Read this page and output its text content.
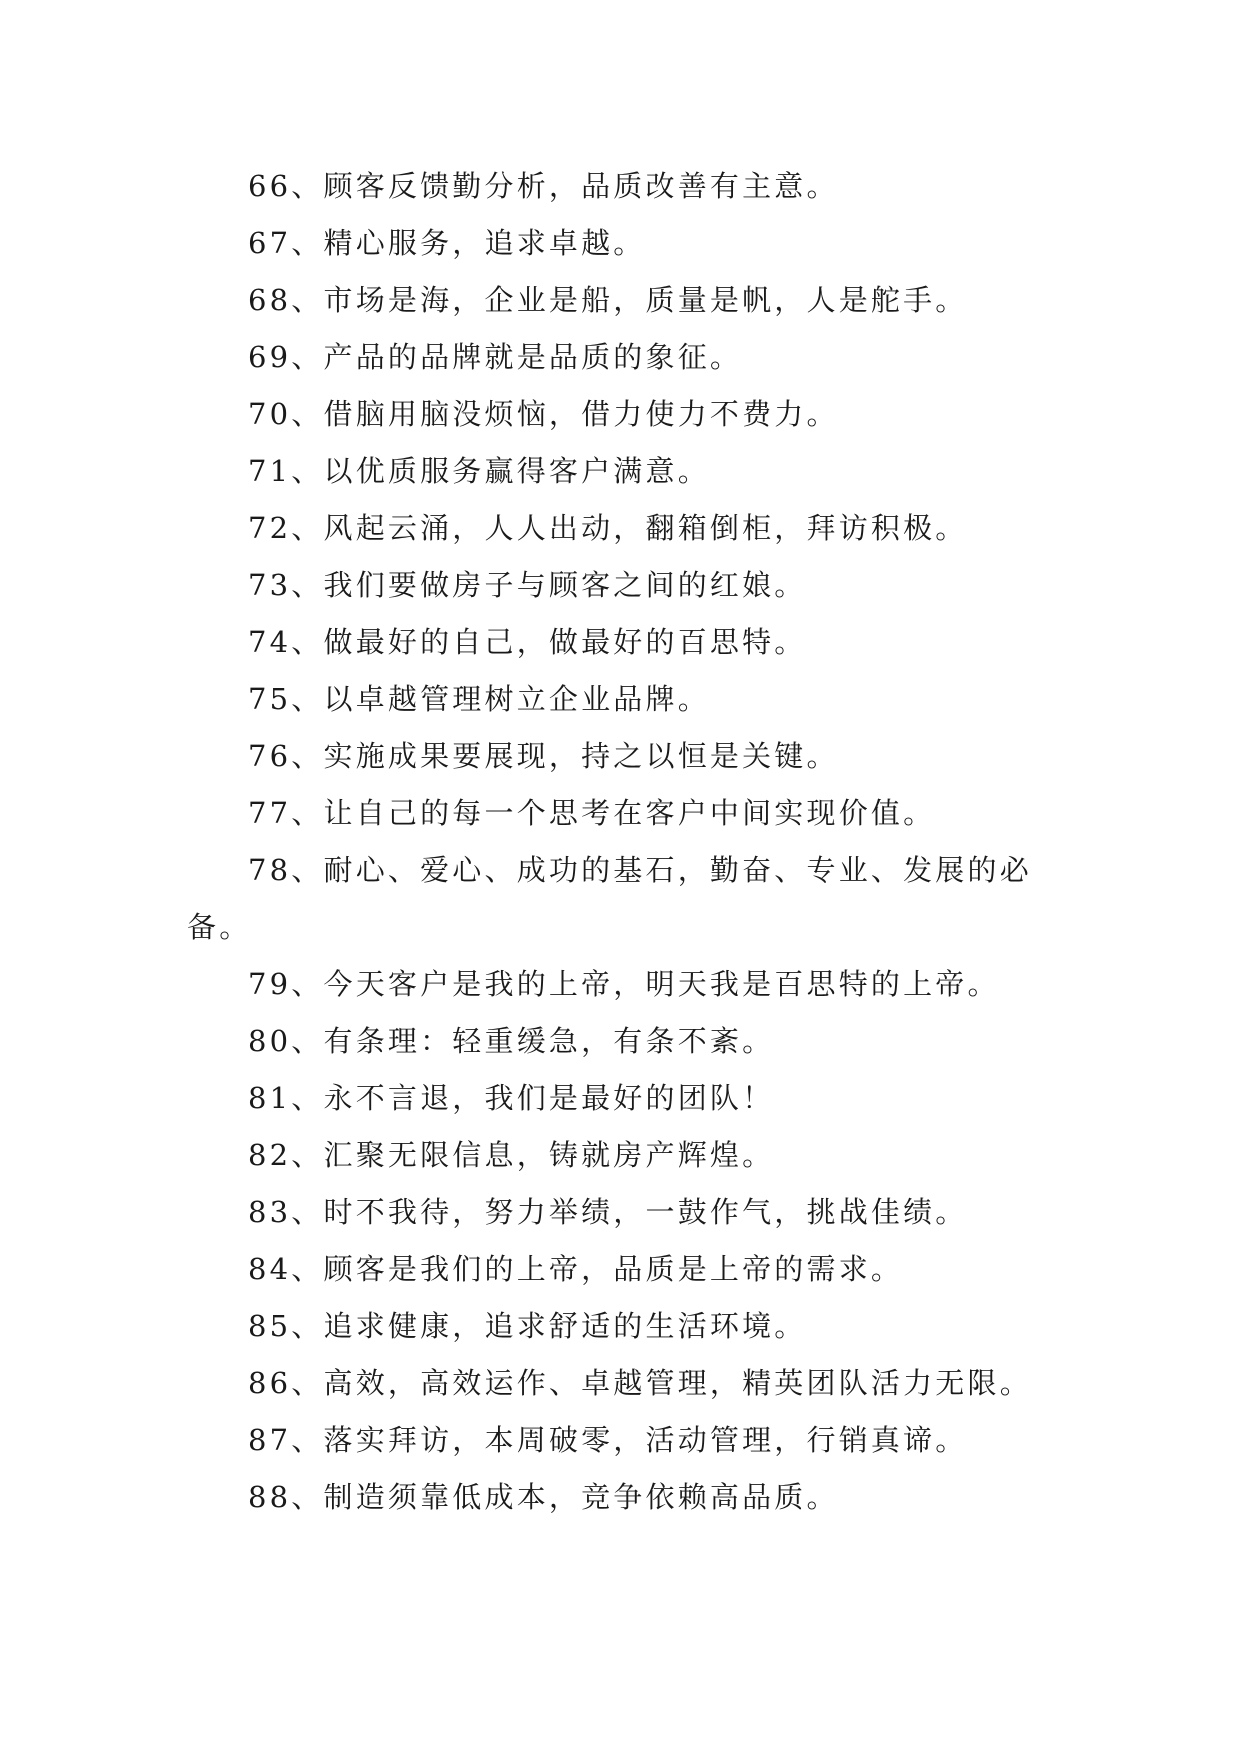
66、顾客反馈勤分析，品质改善有主意。

67、精心服务，追求卓越。

68、市场是海，企业是船，质量是帆，人是舵手。

69、产品的品牌就是品质的象征。

70、借脑用脑没烦恼，借力使力不费力。

71、以优质服务赢得客户满意。

72、风起云涌，人人出动，翻箱倒柜，拜访积极。

73、我们要做房子与顾客之间的红娘。

74、做最好的自己，做最好的百思特。

75、以卓越管理树立企业品牌。

76、实施成果要展现，持之以恒是关键。

77、让自己的每一个思考在客户中间实现价值。

78、耐心、爱心、成功的基石，勤奋、专业、发展的必备。

79、今天客户是我的上帝，明天我是百思特的上帝。

80、有条理：轻重缓急，有条不紊。

81、永不言退，我们是最好的团队！

82、汇聚无限信息，铸就房产辉煌。

83、时不我待，努力举绩，一鼓作气，挑战佳绩。

84、顾客是我们的上帝，品质是上帝的需求。

85、追求健康，追求舒适的生活环境。

86、高效，高效运作、卓越管理，精英团队活力无限。

87、落实拜访，本周破零，活动管理，行销真谛。

88、制造须靠低成本，竞争依赖高品质。
